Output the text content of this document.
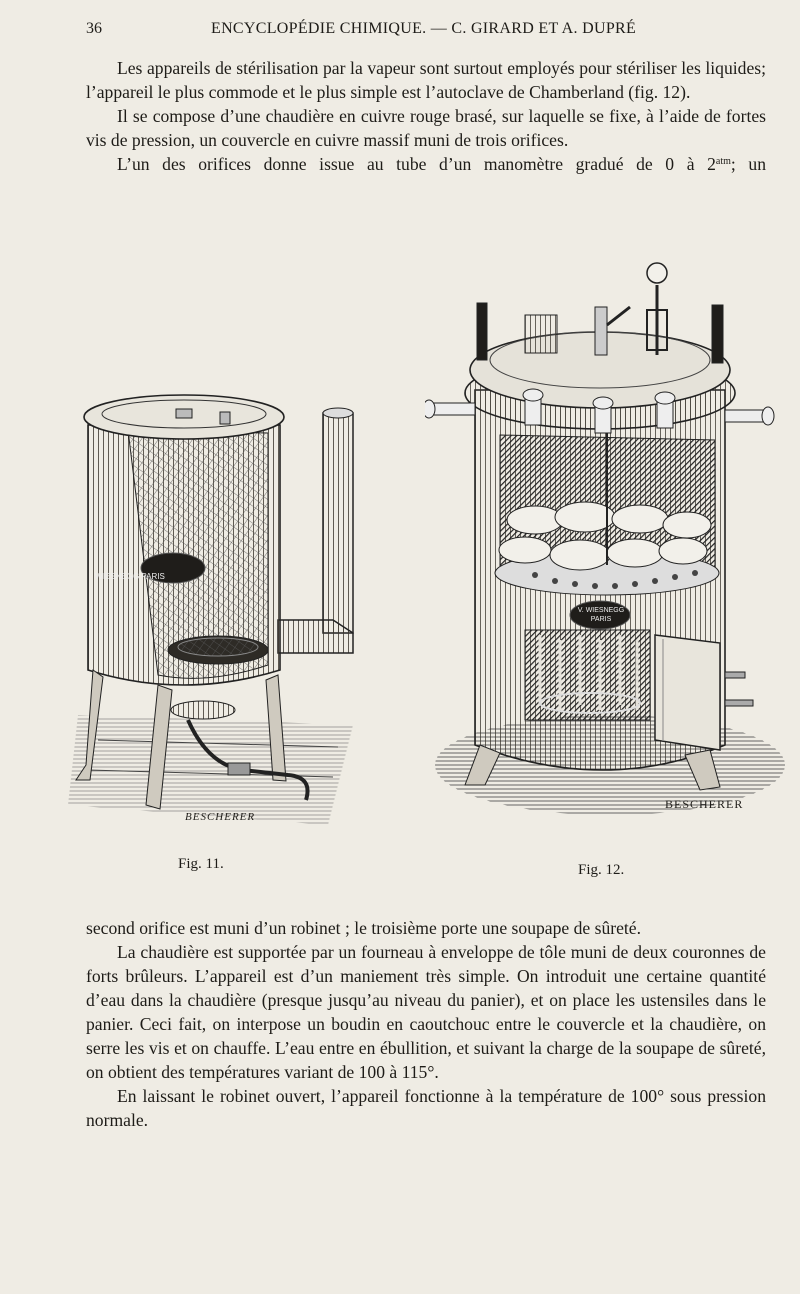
36	ENCYCLOPÉDIE CHIMIQUE. — C. GIRARD ET A. DUPRÉ

Les appareils de stérilisation par la vapeur sont surtout employés pour stériliser les liquides; l’appareil le plus commode et le plus simple est l’autoclave de Chamberland (fig. 12).

Il se compose d’une chaudière en cuivre rouge brasé, sur laquelle se fixe, à l’aide de fortes vis de pression, un couvercle en cuivre massif muni de trois orifices.

L’un des orifices donne issue au tube d’un manomètre gradué de 0 à $2^{atm}$; un

WIESNEGG PARIS
BESCHERER
Fig. 11.
V. WIESNEGG PARIS
BESCHERER
Fig. 12.

second orifice est muni d’un robinet ; le troisième porte une soupape de sûreté.

La chaudière est supportée par un fourneau à enveloppe de tôle muni de deux couronnes de forts brûleurs. L’appareil est d’un maniement très simple. On introduit une certaine quantité d’eau dans la chaudière (presque jusqu’au niveau du panier), et on place les ustensiles dans le panier. Ceci fait, on interpose un boudin en caoutchouc entre le couvercle et la chaudière, on serre les vis et on chauffe. L’eau entre en ébullition, et suivant la charge de la soupape de sûreté, on obtient des températures variant de 100 à 115°.

En laissant le robinet ouvert, l’appareil fonctionne à la température de 100° sous pression normale.
